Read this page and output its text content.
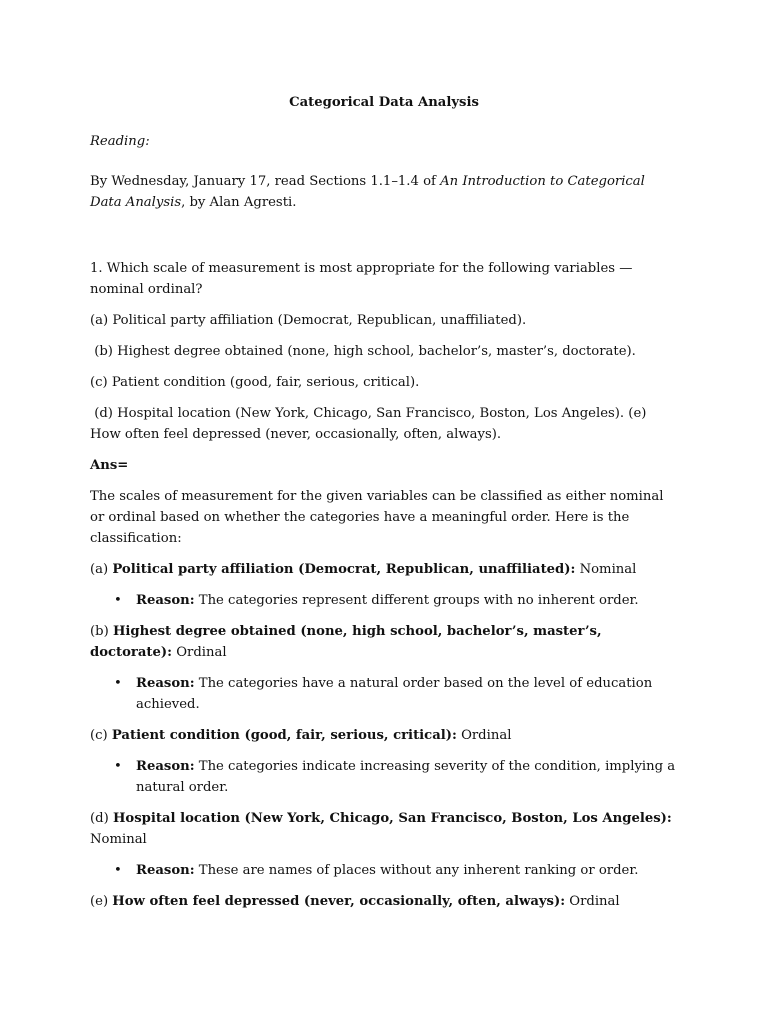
Categorical Data Analysis

Reading:

By Wednesday, January 17, read Sections 1.1–1.4 of An Introduction to Categorical Data Analysis, by Alan Agresti.

1. Which scale of measurement is most appropriate for the following variables — nominal ordinal?

(a) Political party affiliation (Democrat, Republican, unaffiliated).

(b) Highest degree obtained (none, high school, bachelor’s, master’s, doctorate).

(c) Patient condition (good, fair, serious, critical).

(d) Hospital location (New York, Chicago, San Francisco, Boston, Los Angeles). (e) How often feel depressed (never, occasionally, often, always).

Ans=

The scales of measurement for the given variables can be classified as either nominal or ordinal based on whether the categories have a meaningful order. Here is the classification:

(a) Political party affiliation (Democrat, Republican, unaffiliated): Nominal
• Reason: The categories represent different groups with no inherent order.
(b) Highest degree obtained (none, high school, bachelor’s, master’s, doctorate): Ordinal
• Reason: The categories have a natural order based on the level of education achieved.
(c) Patient condition (good, fair, serious, critical): Ordinal
• Reason: The categories indicate increasing severity of the condition, implying a natural order.
(d) Hospital location (New York, Chicago, San Francisco, Boston, Los Angeles): Nominal
• Reason: These are names of places without any inherent ranking or order.
(e) How often feel depressed (never, occasionally, often, always): Ordinal
